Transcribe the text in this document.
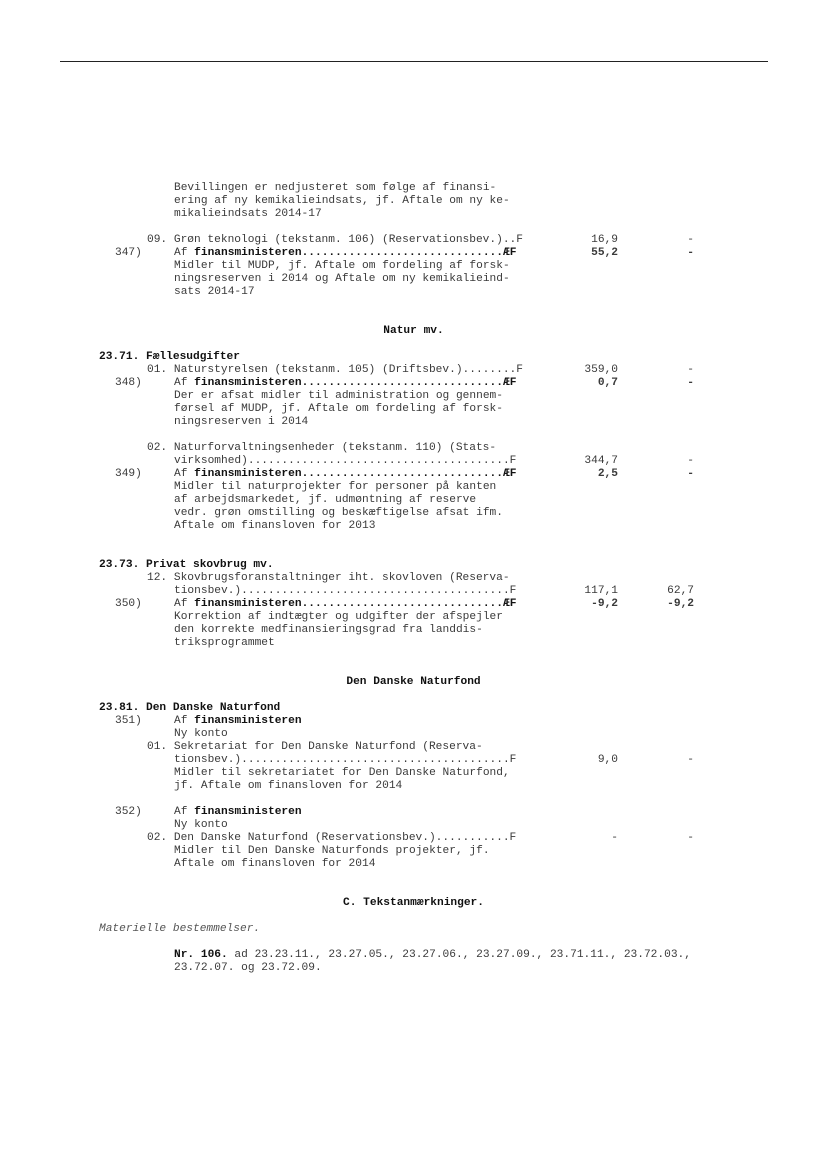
Bevillingen er nedjusteret som følge af finansi-
ering af ny kemikalieindsats, jf. Aftale om ny ke-
mikalieindsats 2014-17
09. Grøn teknologi (tekstanm. 106) (Reservationsbev.)..F	16,9	-
347)	Af finansministeren..............................ÆF	55,2	-
Midler til MUDP, jf. Aftale om fordeling af forsk-
ningsreserven i 2014 og Aftale om ny kemikalieind-
sats 2014-17
Natur mv.
23.71. Fællesudgifter
01. Naturstyrelsen (tekstanm. 105) (Driftsbev.)........F	359,0	-
348)	Af finansministeren..............................ÆF	0,7	-
Der er afsat midler til administration og gennem-
førsel af MUDP, jf. Aftale om fordeling af forsk-
ningsreserven i 2014
02. Naturforvaltningsenheder (tekstanm. 110) (Stats-
virksomhed).......................................F	344,7	-
349)	Af finansministeren..............................ÆF	2,5	-
Midler til naturprojekter for personer på kanten
af arbejdsmarkedet, jf. udmøntning af reserve
vedr. grøn omstilling og beskæftigelse afsat ifm.
Aftale om finansloven for 2013
23.73. Privat skovbrug mv.
12. Skovbrugsforanstaltninger iht. skovloven (Reserva-
tionsbev.)........................................F	117,1	62,7
350)	Af finansministeren..............................ÆF	-9,2	-9,2
Korrektion af indtægter og udgifter der afspejler
den korrekte medfinansieringsgrad fra landdis-
triksprogrammet
Den Danske Naturfond
23.81. Den Danske Naturfond
351)	Af finansministeren
Ny konto
01. Sekretariat for Den Danske Naturfond (Reserva-
tionsbev.)........................................F	9,0	-
Midler til sekretariatet for Den Danske Naturfond,
jf. Aftale om finansloven for 2014
352)	Af finansministeren
Ny konto
02. Den Danske Naturfond (Reservationsbev.)...........F	-	-
Midler til Den Danske Naturfonds projekter, jf.
Aftale om finansloven for 2014
C. Tekstanmærkninger.
Materielle bestemmelser.
Nr. 106. ad 23.23.11., 23.27.05., 23.27.06., 23.27.09., 23.71.11., 23.72.03.,
23.72.07. og 23.72.09.
